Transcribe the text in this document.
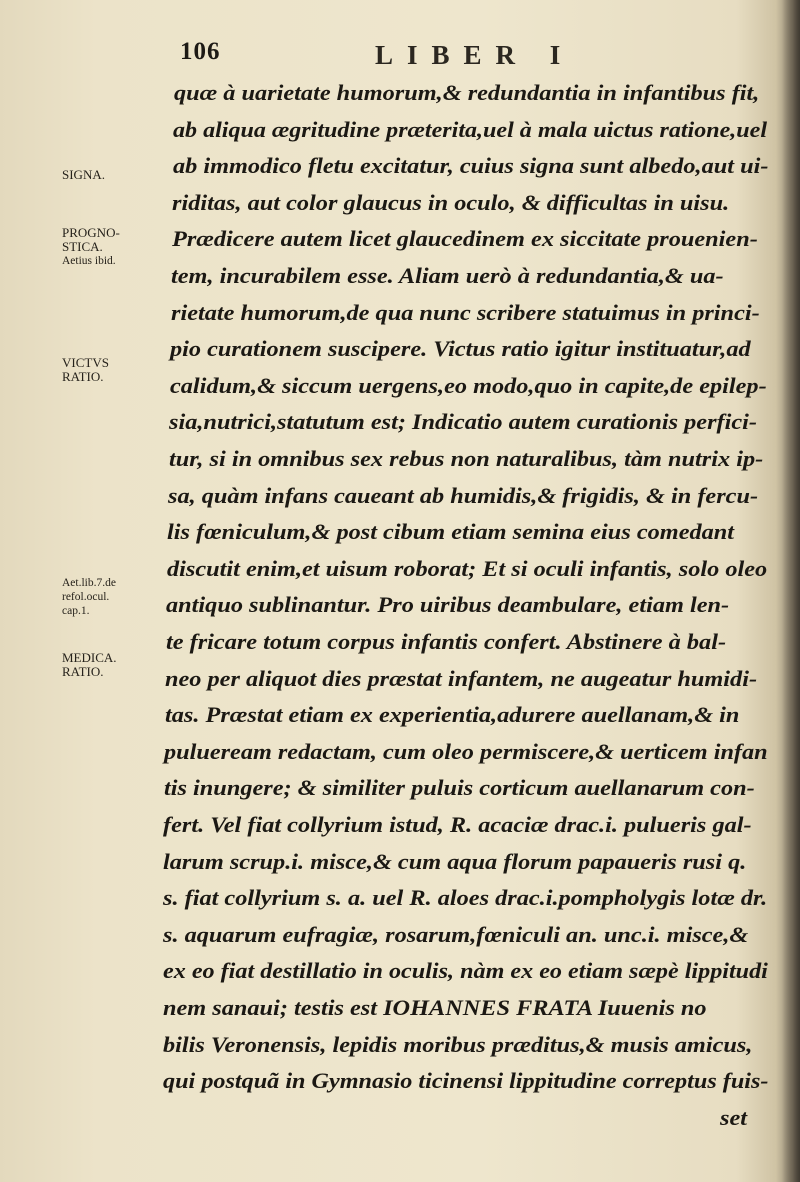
106	LIBER I
SIGNA.
PROGNO-
STICA.
Aetius ibid.
VICTVS
RATIO.
Aet.lib.7.de
refol.ocul.
cap.1.
MEDICA.
RATIO.
quæ à uarietate humorum,& redundantia in infantibus fit,
ab aliqua ægritudine præterita,uel à mala uictus ratione,uel
ab immodico fletu excitatur, cuius signa sunt albedo,aut ui-
riditas, aut color glaucus in oculo, & difficultas in uisu.
Prædicere autem licet glaucedinem ex siccitate prouenien-
tem, incurabilem esse. Aliam uerò à redundantia,& ua-
rietate humorum,de qua nunc scribere statuimus in princi-
pio curationem suscipere. Victus ratio igitur instituatur,ad
calidum,& siccum uergens,eo modo,quo in capite,de epilep-
sia,nutrici,statutum est; Indicatio autem curationis perfici-
tur, si in omnibus sex rebus non naturalibus, tàm nutrix ip-
sa, quàm infans caueant ab humidis,& frigidis, & in fercu-
lis fœniculum,& post cibum etiam semina eius comedant
discutit enim,et uisum roborat; Et si oculi infantis, solo oleo
antiquo sublinantur. Pro uiribus deambulare, etiam len-
te fricare totum corpus infantis confert. Abstinere à bal-
neo per aliquot dies præstat infantem, ne augeatur humidi-
tas. Præstat etiam ex experientia,adurere auellanam,& in
pulueream redactam, cum oleo permiscere,& uerticem infan
tis inungere; & similiter puluis corticum auellanarum con-
fert. Vel fiat collyrium istud, R. acaciæ drac.i. pulueris gal-
larum scrup.i. misce,& cum aqua florum papaueris rusi q.
s. fiat collyrium s. a. uel R. aloes drac.i.pompholygis lotæ dr.
s. aquarum eufragiæ, rosarum,fœniculi an. unc.i. misce,&
ex eo fiat destillatio in oculis, nàm ex eo etiam sæpè lippitudi
nem sanaui; testis est IOHANNES FRATA Iuuenis no
bilis Veronensis, lepidis moribus præditus,& musis amicus,
qui postquã in Gymnasio ticinensi lippitudine correptus fuis-
set
